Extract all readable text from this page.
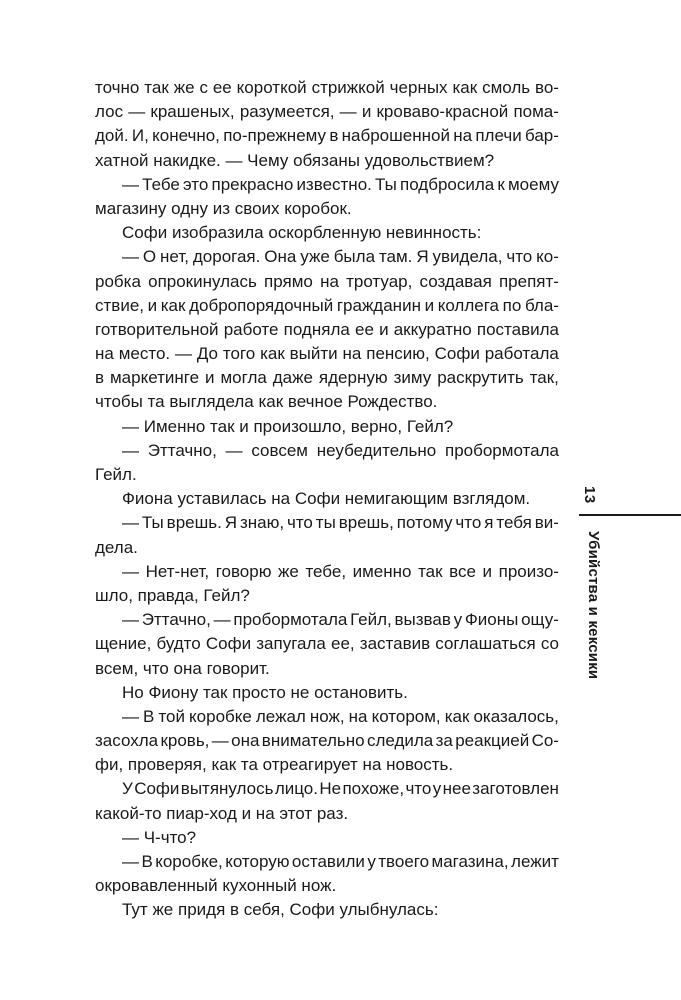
точно так же с ее короткой стрижкой черных как смоль во-
лос — крашеных, разумеется, — и кроваво-красной пома-
дой. И, конечно, по-прежнему в наброшенной на плечи бар-
хатной накидке. — Чему обязаны удовольствием?
— Тебе это прекрасно известно. Ты подбросила к моему
магазину одну из своих коробок.
Софи изобразила оскорбленную невинность:
— О нет, дорогая. Она уже была там. Я увидела, что ко-
робка опрокинулась прямо на тротуар, создавая препят-
ствие, и как добропорядочный гражданин и коллега по бла-
готворительной работе подняла ее и аккуратно поставила
на место. — До того как выйти на пенсию, Софи работала
в маркетинге и могла даже ядерную зиму раскрутить так,
чтобы та выглядела как вечное Рождество.
— Именно так и произошло, верно, Гейл?
— Эттачно, — совсем неубедительно пробормотала
Гейл.
Фиона уставилась на Софи немигающим взглядом.
— Ты врешь. Я знаю, что ты врешь, потому что я тебя ви-
дела.
— Нет-нет, говорю же тебе, именно так все и произо-
шло, правда, Гейл?
— Эттачно, — пробормотала Гейл, вызвав у Фионы ощу-
щение, будто Софи запугала ее, заставив соглашаться со
всем, что она говорит.
Но Фиону так просто не остановить.
— В той коробке лежал нож, на котором, как оказалось,
засохла кровь, — она внимательно следила за реакцией Со-
фи, проверяя, как та отреагирует на новость.
У Софи вытянулось лицо. Не похоже, что у нее заготовлен
какой-то пиар-ход и на этот раз.
— Ч-что?
— В коробке, которую оставили у твоего магазина, лежит
окровавленный кухонный нож.
Тут же придя в себя, Софи улыбнулась:
13
Убийства и кексики
